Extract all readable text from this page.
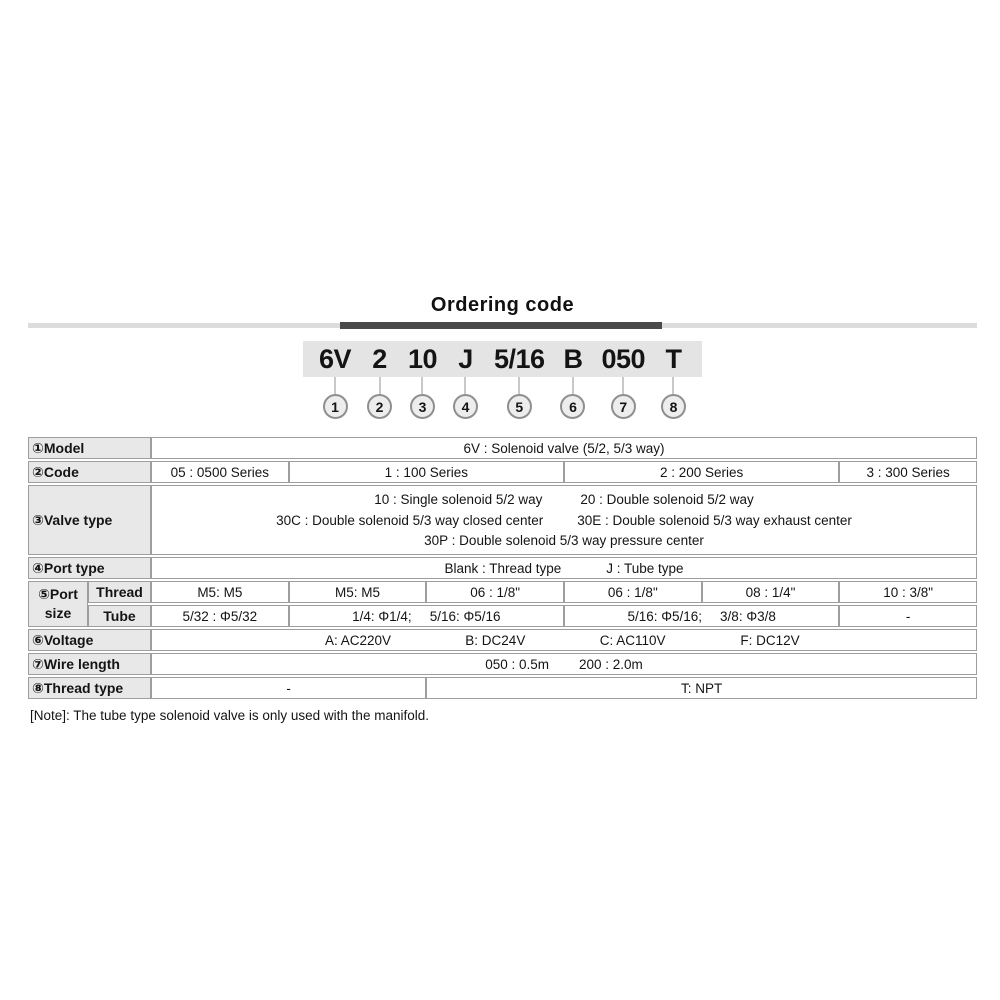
Ordering code
6V
1
2
2
10
3
J
4
5/16
5
B
6
050
7
T
8
①Model	6V : Solenoid valve (5/2, 5/3 way)
②Code	05 : 0500 Series	1 : 100 Series	2 : 200 Series	3 : 300 Series
③Valve type
10 : Single solenoid 5/2 way	20 : Double solenoid 5/2 way
30C : Double solenoid 5/3 way closed center	30E : Double solenoid 5/3 way exhaust center
30P : Double solenoid 5/3 way pressure center
④Port type	Blank : Thread type	J : Tube type
⑤Port size
Thread	M5: M5	M5: M5	06 : 1/8"	06 : 1/8"	08 : 1/4"	10 : 3/8"
Tube	5/32 : Φ5/32	1/4: Φ1/4; 5/16: Φ5/16	5/16: Φ5/16; 3/8: Φ3/8	-
⑥Voltage	A: AC220V	B: DC24V	C: AC110V	F: DC12V
⑦Wire length	050 : 0.5m 200 : 2.0m
⑧Thread type	-	T: NPT
[Note]: The tube type solenoid valve is only used with the manifold.
